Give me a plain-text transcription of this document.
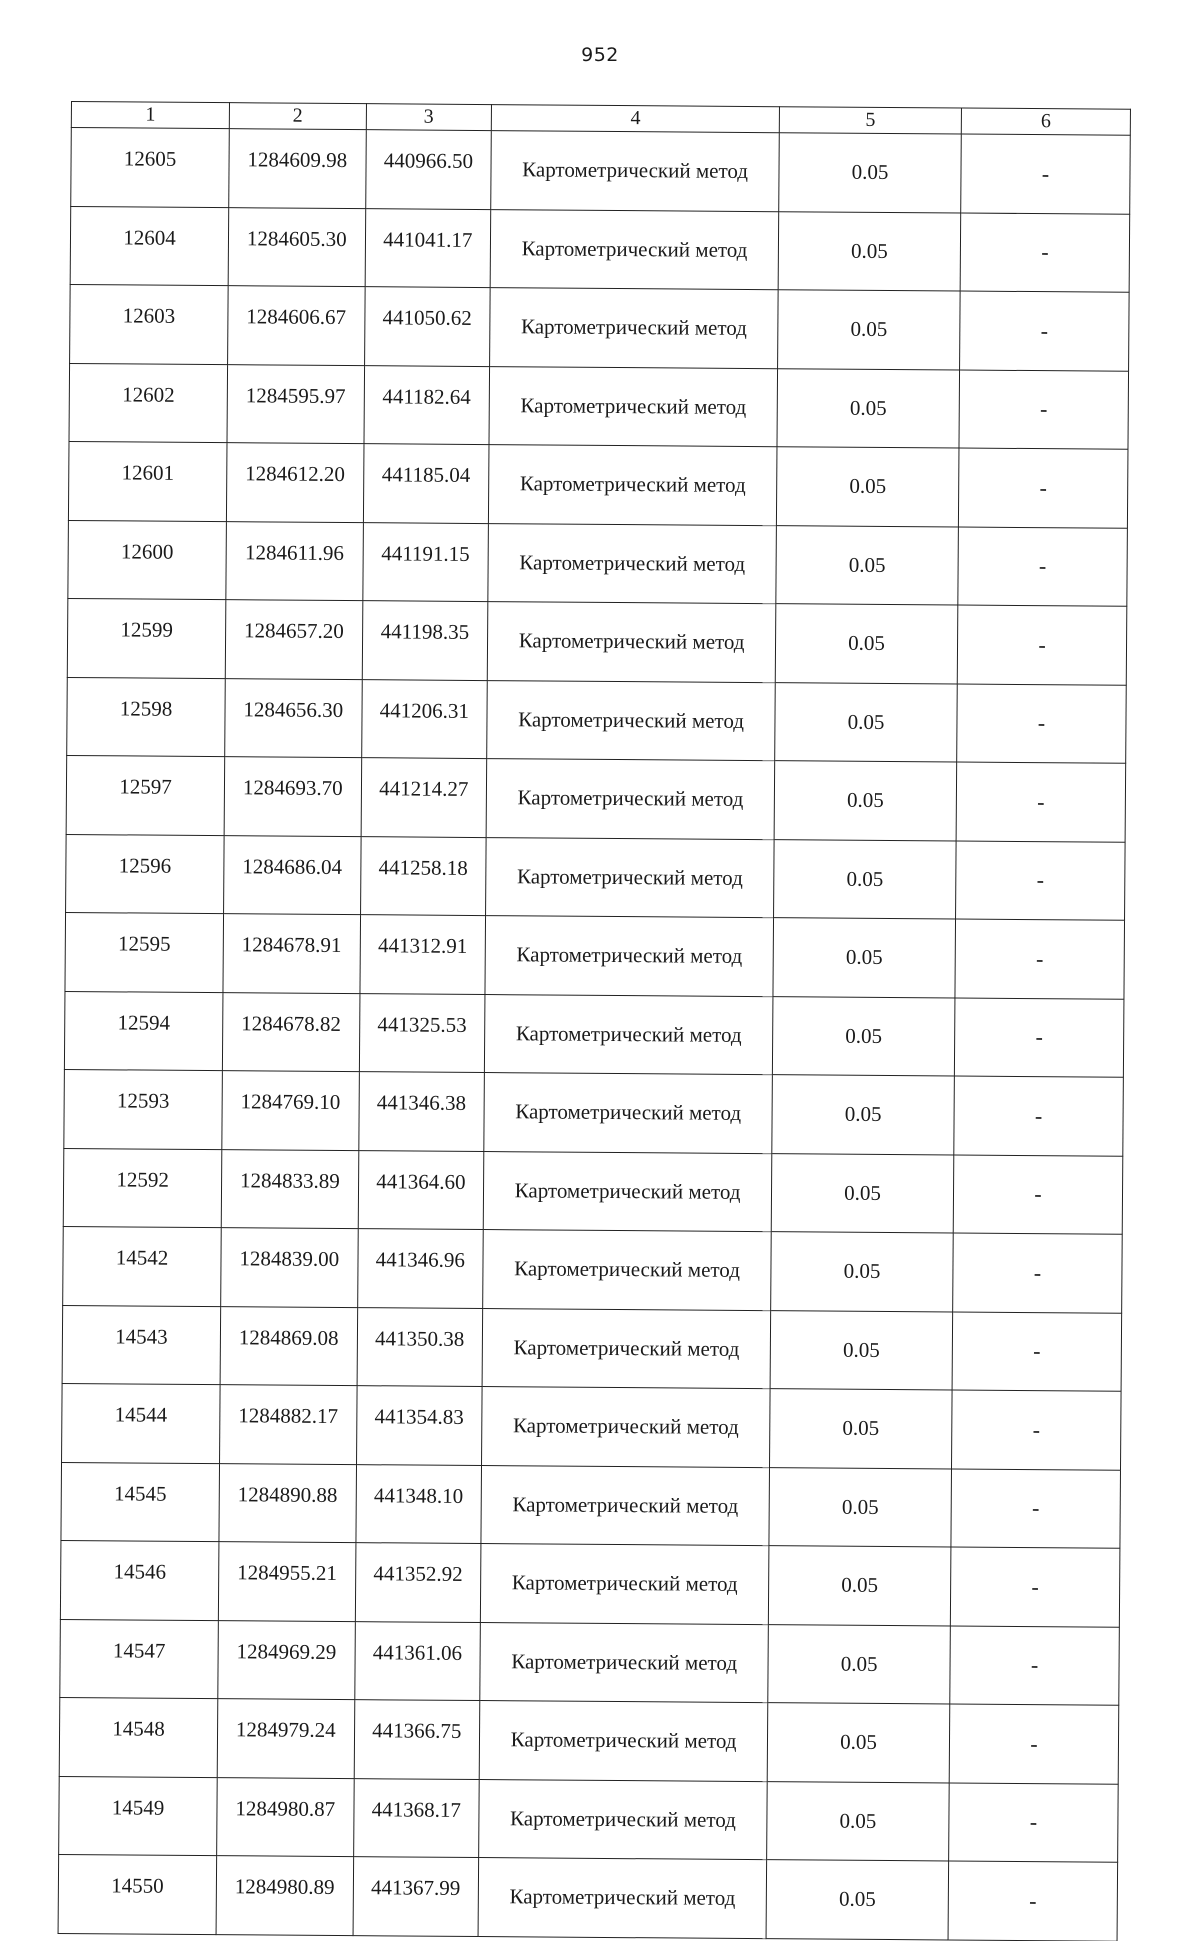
952
1	2	3	4	5	6
12605	1284609.98	440966.50	Картометрический метод	0.05	-
12604	1284605.30	441041.17	Картометрический метод	0.05	-
12603	1284606.67	441050.62	Картометрический метод	0.05	-
12602	1284595.97	441182.64	Картометрический метод	0.05	-
12601	1284612.20	441185.04	Картометрический метод	0.05	-
12600	1284611.96	441191.15	Картометрический метод	0.05	-
12599	1284657.20	441198.35	Картометрический метод	0.05	-
12598	1284656.30	441206.31	Картометрический метод	0.05	-
12597	1284693.70	441214.27	Картометрический метод	0.05	-
12596	1284686.04	441258.18	Картометрический метод	0.05	-
12595	1284678.91	441312.91	Картометрический метод	0.05	-
12594	1284678.82	441325.53	Картометрический метод	0.05	-
12593	1284769.10	441346.38	Картометрический метод	0.05	-
12592	1284833.89	441364.60	Картометрический метод	0.05	-
14542	1284839.00	441346.96	Картометрический метод	0.05	-
14543	1284869.08	441350.38	Картометрический метод	0.05	-
14544	1284882.17	441354.83	Картометрический метод	0.05	-
14545	1284890.88	441348.10	Картометрический метод	0.05	-
14546	1284955.21	441352.92	Картометрический метод	0.05	-
14547	1284969.29	441361.06	Картометрический метод	0.05	-
14548	1284979.24	441366.75	Картометрический метод	0.05	-
14549	1284980.87	441368.17	Картометрический метод	0.05	-
14550	1284980.89	441367.99	Картометрический метод	0.05	-
